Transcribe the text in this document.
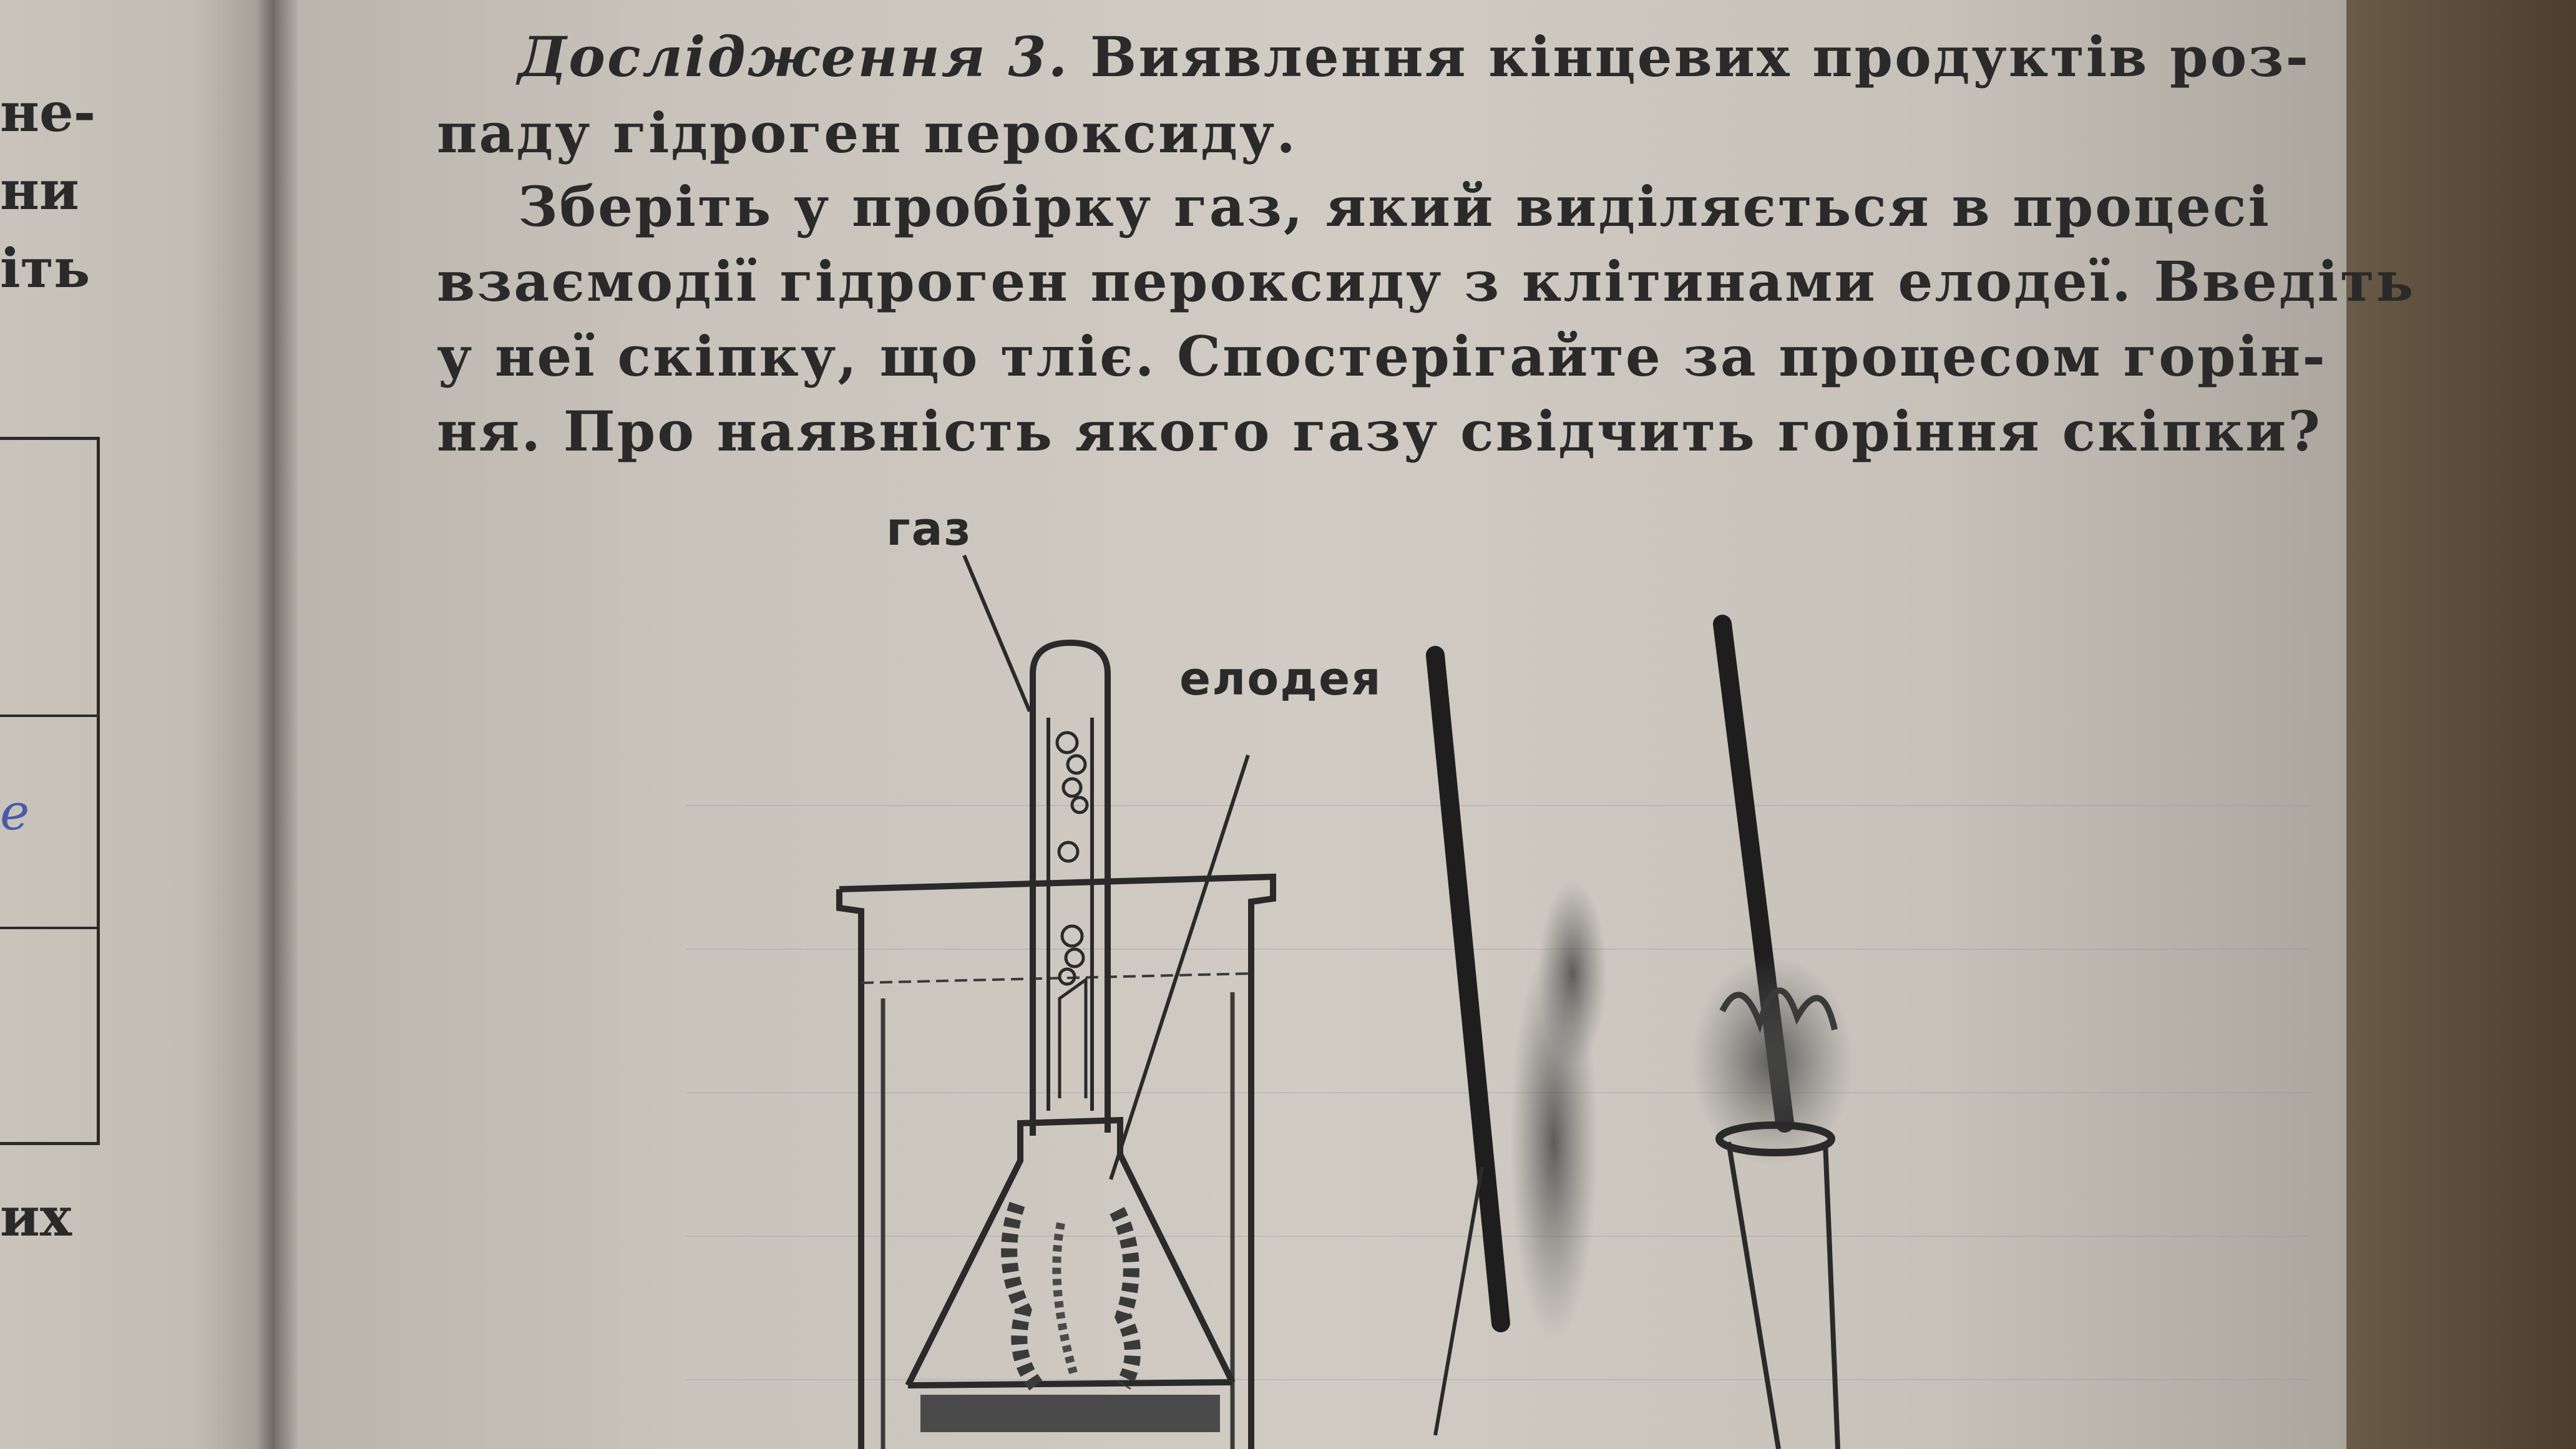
не-
ни
іть
их
е
Дослідження 3. Виявлення кінцевих продуктів роз-
паду гідроген пероксиду.
Зберіть у пробірку газ, який виділяється в процесі
взаємодії гідроген пероксиду з клітинами елодеї. Введіть
у неї скіпку, що тліє. Спостерігайте за процесом горін-
ня. Про наявність якого газу свідчить горіння скіпки?
газ
елодея
